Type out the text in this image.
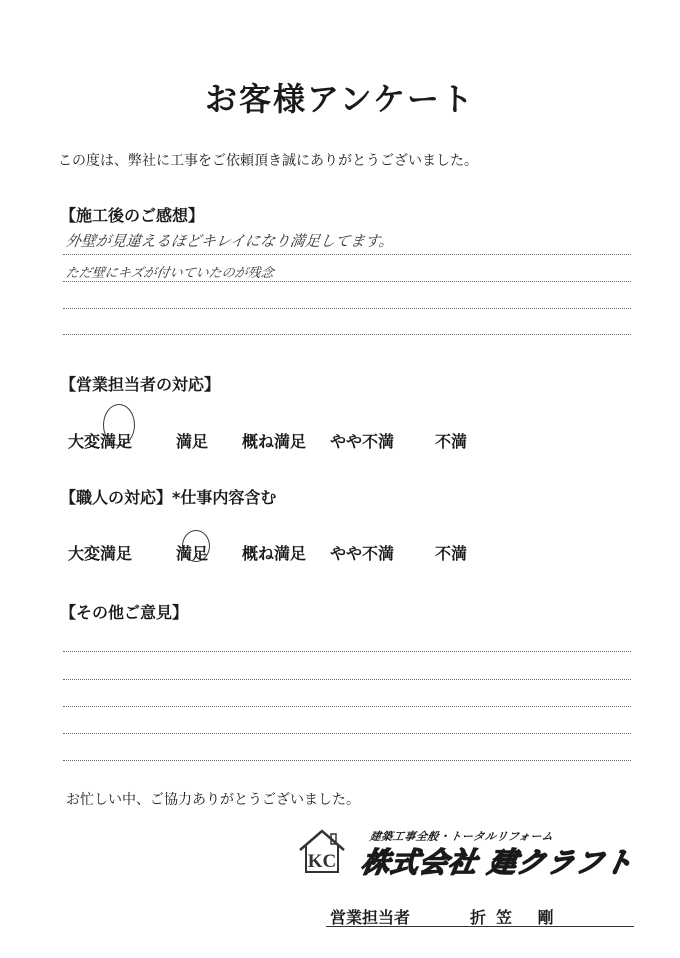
お客様アンケート
この度は、弊社に工事をご依頼頂き誠にありがとうございました。
【施工後のご感想】
外壁が見違えるほどキレイになり満足してます。
ただ壁にキズが付いていたのが残念
【営業担当者の対応】
大変満足	満足 概ね満足 やや不満	不満
【職人の対応】*仕事内容含む
大変満足	満足 概ね満足 やや不満	不満
【その他ご意見】
お忙しい中、ご協力ありがとうございました。
KC
建築工事全般・トータルリフォーム
株式会社 建クラフト
営業担当者	折笠 剛
